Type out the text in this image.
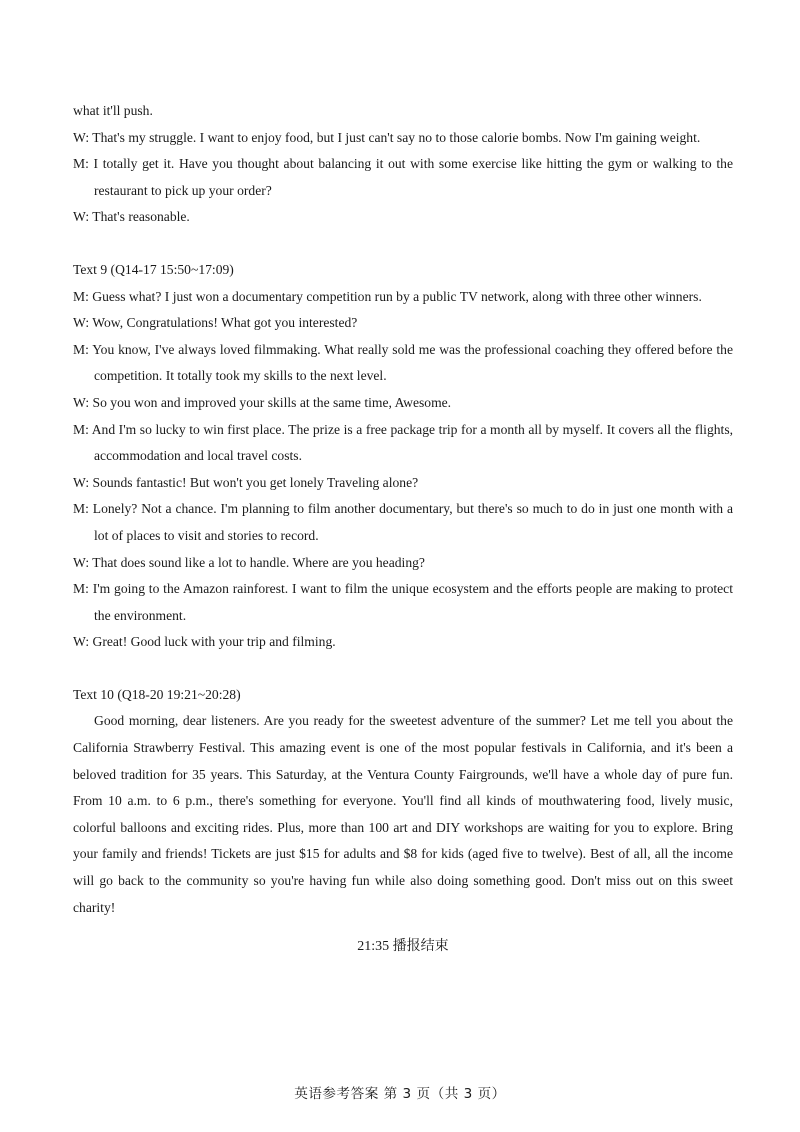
what it'll push.

W: That's my struggle. I want to enjoy food, but I just can't say no to those calorie bombs. Now I'm gaining weight.

M: I totally get it. Have you thought about balancing it out with some exercise like hitting the gym or walking to the restaurant to pick up your order?

W: That's reasonable.

Text 9 (Q14-17 15:50~17:09)

M: Guess what? I just won a documentary competition run by a public TV network, along with three other winners.

W: Wow, Congratulations! What got you interested?

M: You know, I've always loved filmmaking. What really sold me was the professional coaching they offered before the competition. It totally took my skills to the next level.

W: So you won and improved your skills at the same time, Awesome.

M: And I'm so lucky to win first place. The prize is a free package trip for a month all by myself. It covers all the flights, accommodation and local travel costs.

W: Sounds fantastic! But won't you get lonely Traveling alone?

M: Lonely? Not a chance. I'm planning to film another documentary, but there's so much to do in just one month with a lot of places to visit and stories to record.

W: That does sound like a lot to handle. Where are you heading?

M: I'm going to the Amazon rainforest. I want to film the unique ecosystem and the efforts people are making to protect the environment.

W: Great! Good luck with your trip and filming.

Text 10 (Q18-20 19:21~20:28)

Good morning, dear listeners. Are you ready for the sweetest adventure of the summer? Let me tell you about the California Strawberry Festival. This amazing event is one of the most popular festivals in California, and it's been a beloved tradition for 35 years. This Saturday, at the Ventura County Fairgrounds, we'll have a whole day of pure fun. From 10 a.m. to 6 p.m., there's something for everyone. You'll find all kinds of mouthwatering food, lively music, colorful balloons and exciting rides. Plus, more than 100 art and DIY workshops are waiting for you to explore. Bring your family and friends! Tickets are just $15 for adults and $8 for kids (aged five to twelve). Best of all, all the income will go back to the community so you're having fun while also doing something good. Don't miss out on this sweet charity!

21:35 播报结束

英语参考答案 第 3 页（共 3 页）
